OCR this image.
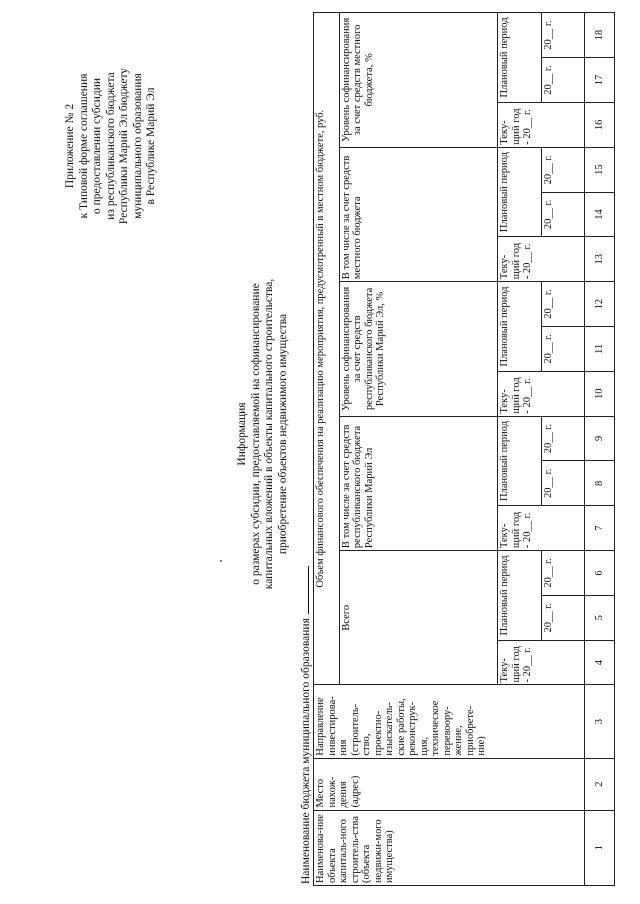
Приложение № 2 к Типовой форме соглашения о предоставлении субсидии из республиканского бюджета Республики Марий Эл бюджету муниципального образования в Республике Марий Эл
Информация о размерах субсидии, предоставляемой на софинансирование капитальных вложений в объекты капитального строительства, приобретение объектов недвижимого имущества
Наименование бюджета муниципального образования Наименова-ние объекта капиталь-ного строитель-ства (объекта недвижи-мого имущества)	Место нахож-дения (адрес)	Направление инвестирова-ния (строитель-ство, проектно-изыскатель-ские работы, реконструк-ция, техническое перевоору-жение, приобрете-ние)	Объем финансового обеспечения на реализацию мероприятия, предусмотренный в местном бюджете, руб.														
			Всего			В том числе за счет средств республиканского бюджета Республики Марий Эл			Уровень софинансирования за счет средств республиканского бюджета Республики Марий Эл, %			В том числе за счет средств местного бюджета			Уровень софинансирования за счет средств местного бюджета, %		
			Теку-щий год - 20__ г.	Плановый период		Теку-щий год - 20__ г.	Плановый период		Теку-щий год - 20__ г.	Плановый период		Теку-щий год - 20__ г.	Плановый период		Теку-щий год - 20__ г.	Плановый период	
				20__ г.	20__ г.		20__ г.	20__ г.		20__ г.	20__ г.		20__ г.	20__ г.		20__ г.	20__ г.
1	2	3	4	5	6	7	8	9	10	11	12	13	14	15	16	17	18
